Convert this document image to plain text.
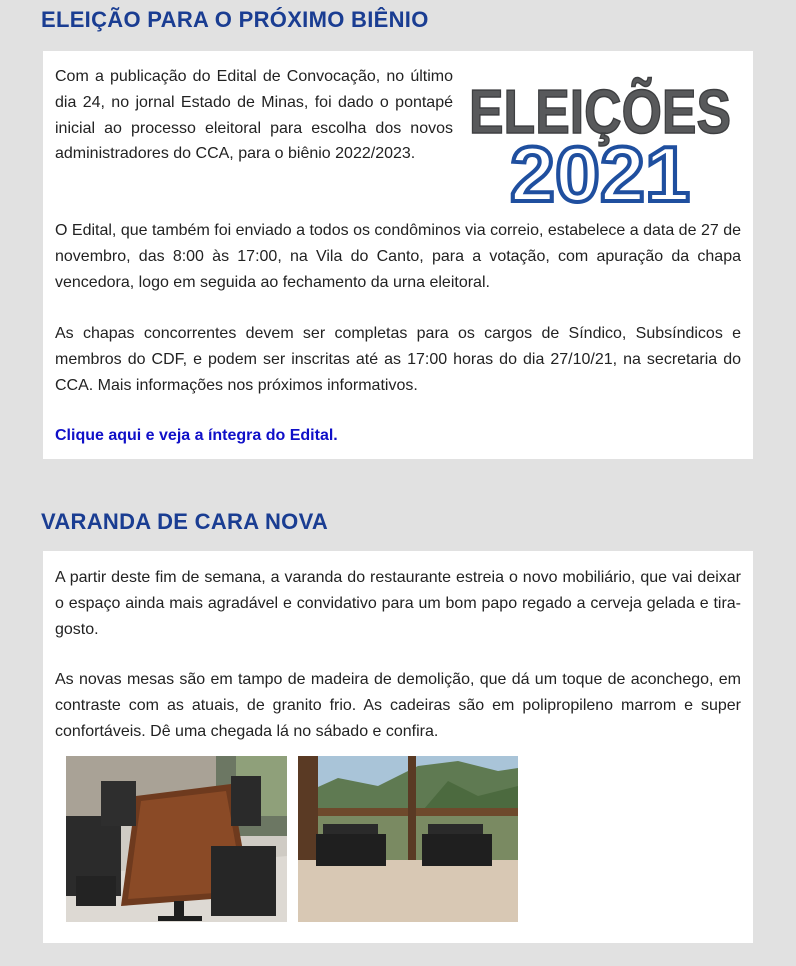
ELEIÇÃO PARA O PRÓXIMO BIÊNIO

Com a publicação do Edital de Convocação, no último dia 24, no jornal Estado de Minas, foi dado o pontapé inicial ao processo eleitoral para escolha dos novos administradores do CCA, para o biênio 2022/2023.

ELEIÇÕES
2021

O Edital, que também foi enviado a todos os condôminos via correio, estabelece a data de 27 de novembro, das 8:00 às 17:00, na Vila do Canto, para a votação, com apuração da chapa vencedora, logo em seguida ao fechamento da urna eleitoral.

As chapas concorrentes devem ser completas para os cargos de Síndico, Subsíndicos e membros do CDF, e podem ser inscritas até as 17:00 horas do dia 27/10/21, na secretaria do CCA. Mais informações nos próximos informativos.

Clique aqui e veja a íntegra do Edital.
VARANDA DE CARA NOVA

A partir deste fim de semana, a varanda do restaurante estreia o novo mobiliário, que vai deixar o espaço ainda mais agradável e convidativo para um bom papo regado a cerveja gelada e tira-gosto.

As novas mesas são em tampo de madeira de demolição, que dá um toque de aconchego, em contraste com as atuais, de granito frio. As cadeiras são em polipropileno marrom e super confortáveis. Dê uma chegada lá no sábado e confira.
